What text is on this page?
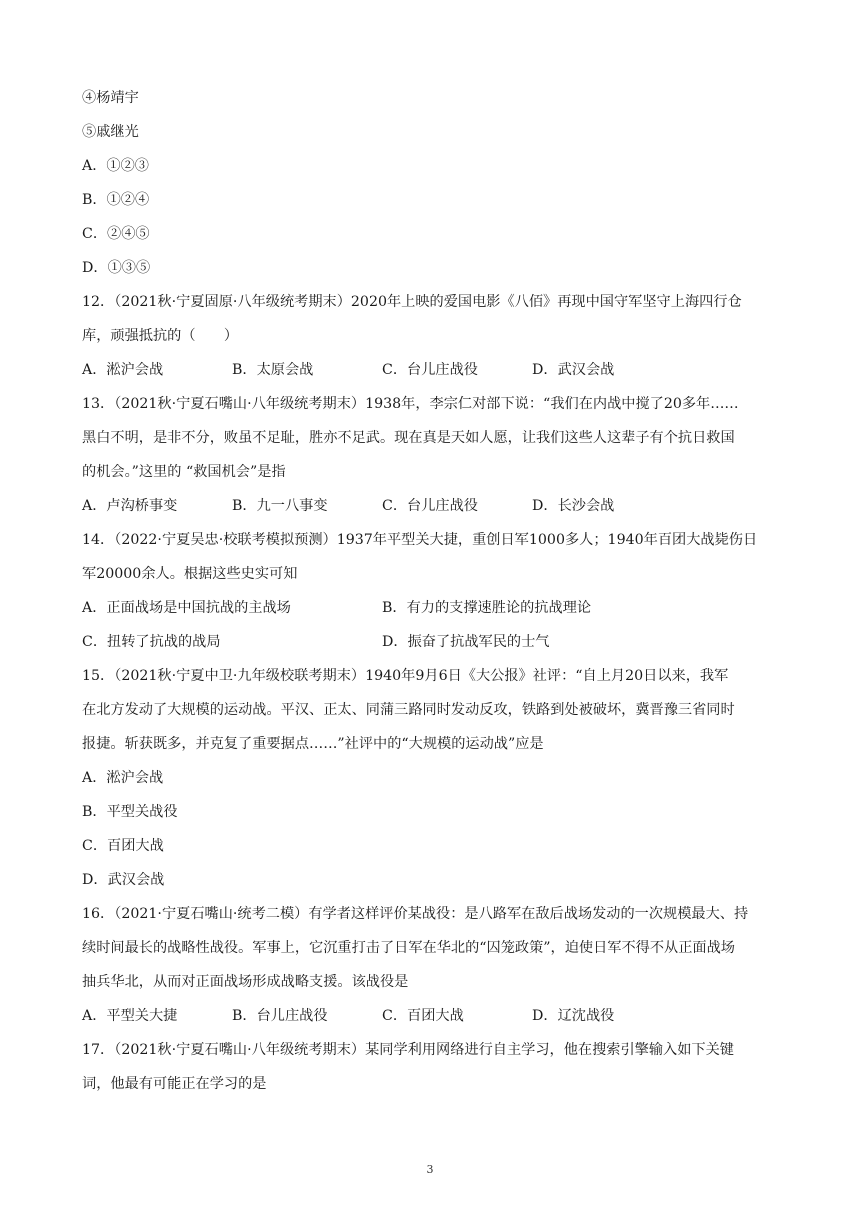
④杨靖宇
⑤戚继光
A．①②③
B．①②④
C．②④⑤
D．①③⑤
12．（2021秋·宁夏固原·八年级统考期末）2020年上映的爱国电影《八佰》再现中国守军坚守上海四行仓
库，顽强抵抗的（　　）
A．淞沪会战	B．太原会战	C．台儿庄战役	D．武汉会战
13．（2021秋·宁夏石嘴山·八年级统考期末）1938年，李宗仁对部下说：“我们在内战中搅了20多年……
黑白不明，是非不分，败虽不足耻，胜亦不足武。现在真是天如人愿，让我们这些人这辈子有个抗日救国
的机会。”这里的 “救国机会”是指
A．卢沟桥事变	B．九一八事变	C．台儿庄战役	D．长沙会战
14．（2022·宁夏吴忠·校联考模拟预测）1937年平型关大捷，重创日军1000多人；1940年百团大战毙伤日
军20000余人。根据这些史实可知
A．正面战场是中国抗战的主战场	B．有力的支撑速胜论的抗战理论
C．扭转了抗战的战局	D．振奋了抗战军民的士气
15．（2021秋·宁夏中卫·九年级校联考期末）1940年9月6日《大公报》社评：“自上月20日以来，我军
在北方发动了大规模的运动战。平汉、正太、同蒲三路同时发动反攻，铁路到处被破坏，冀晋豫三省同时
报捷。斩获既多，并克复了重要据点……”社评中的“大规模的运动战”应是
A．淞沪会战
B．平型关战役
C．百团大战
D．武汉会战
16．（2021·宁夏石嘴山·统考二模）有学者这样评价某战役：是八路军在敌后战场发动的一次规模最大、持
续时间最长的战略性战役。军事上，它沉重打击了日军在华北的“囚笼政策”，迫使日军不得不从正面战场
抽兵华北，从而对正面战场形成战略支援。该战役是
A．平型关大捷	B．台儿庄战役	C．百团大战	D．辽沈战役
17．（2021秋·宁夏石嘴山·八年级统考期末）某同学利用网络进行自主学习，他在搜索引擎输入如下关键
词，他最有可能正在学习的是
3
